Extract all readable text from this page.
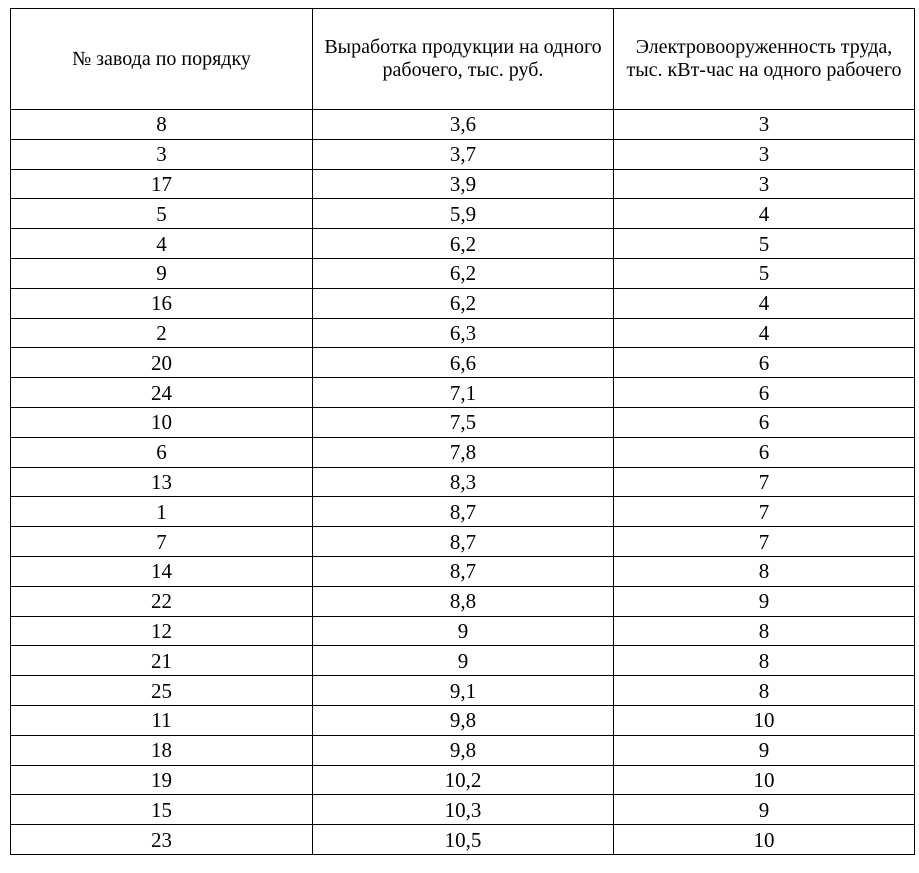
№ завода по порядку	Выработка продукции на одного рабочего, тыс. руб.	Электровооруженность труда, тыс. кВт-час на одного рабочего
8	3,6	3
3	3,7	3
17	3,9	3
5	5,9	4
4	6,2	5
9	6,2	5
16	6,2	4
2	6,3	4
20	6,6	6
24	7,1	6
10	7,5	6
6	7,8	6
13	8,3	7
1	8,7	7
7	8,7	7
14	8,7	8
22	8,8	9
12	9	8
21	9	8
25	9,1	8
11	9,8	10
18	9,8	9
19	10,2	10
15	10,3	9
23	10,5	10
